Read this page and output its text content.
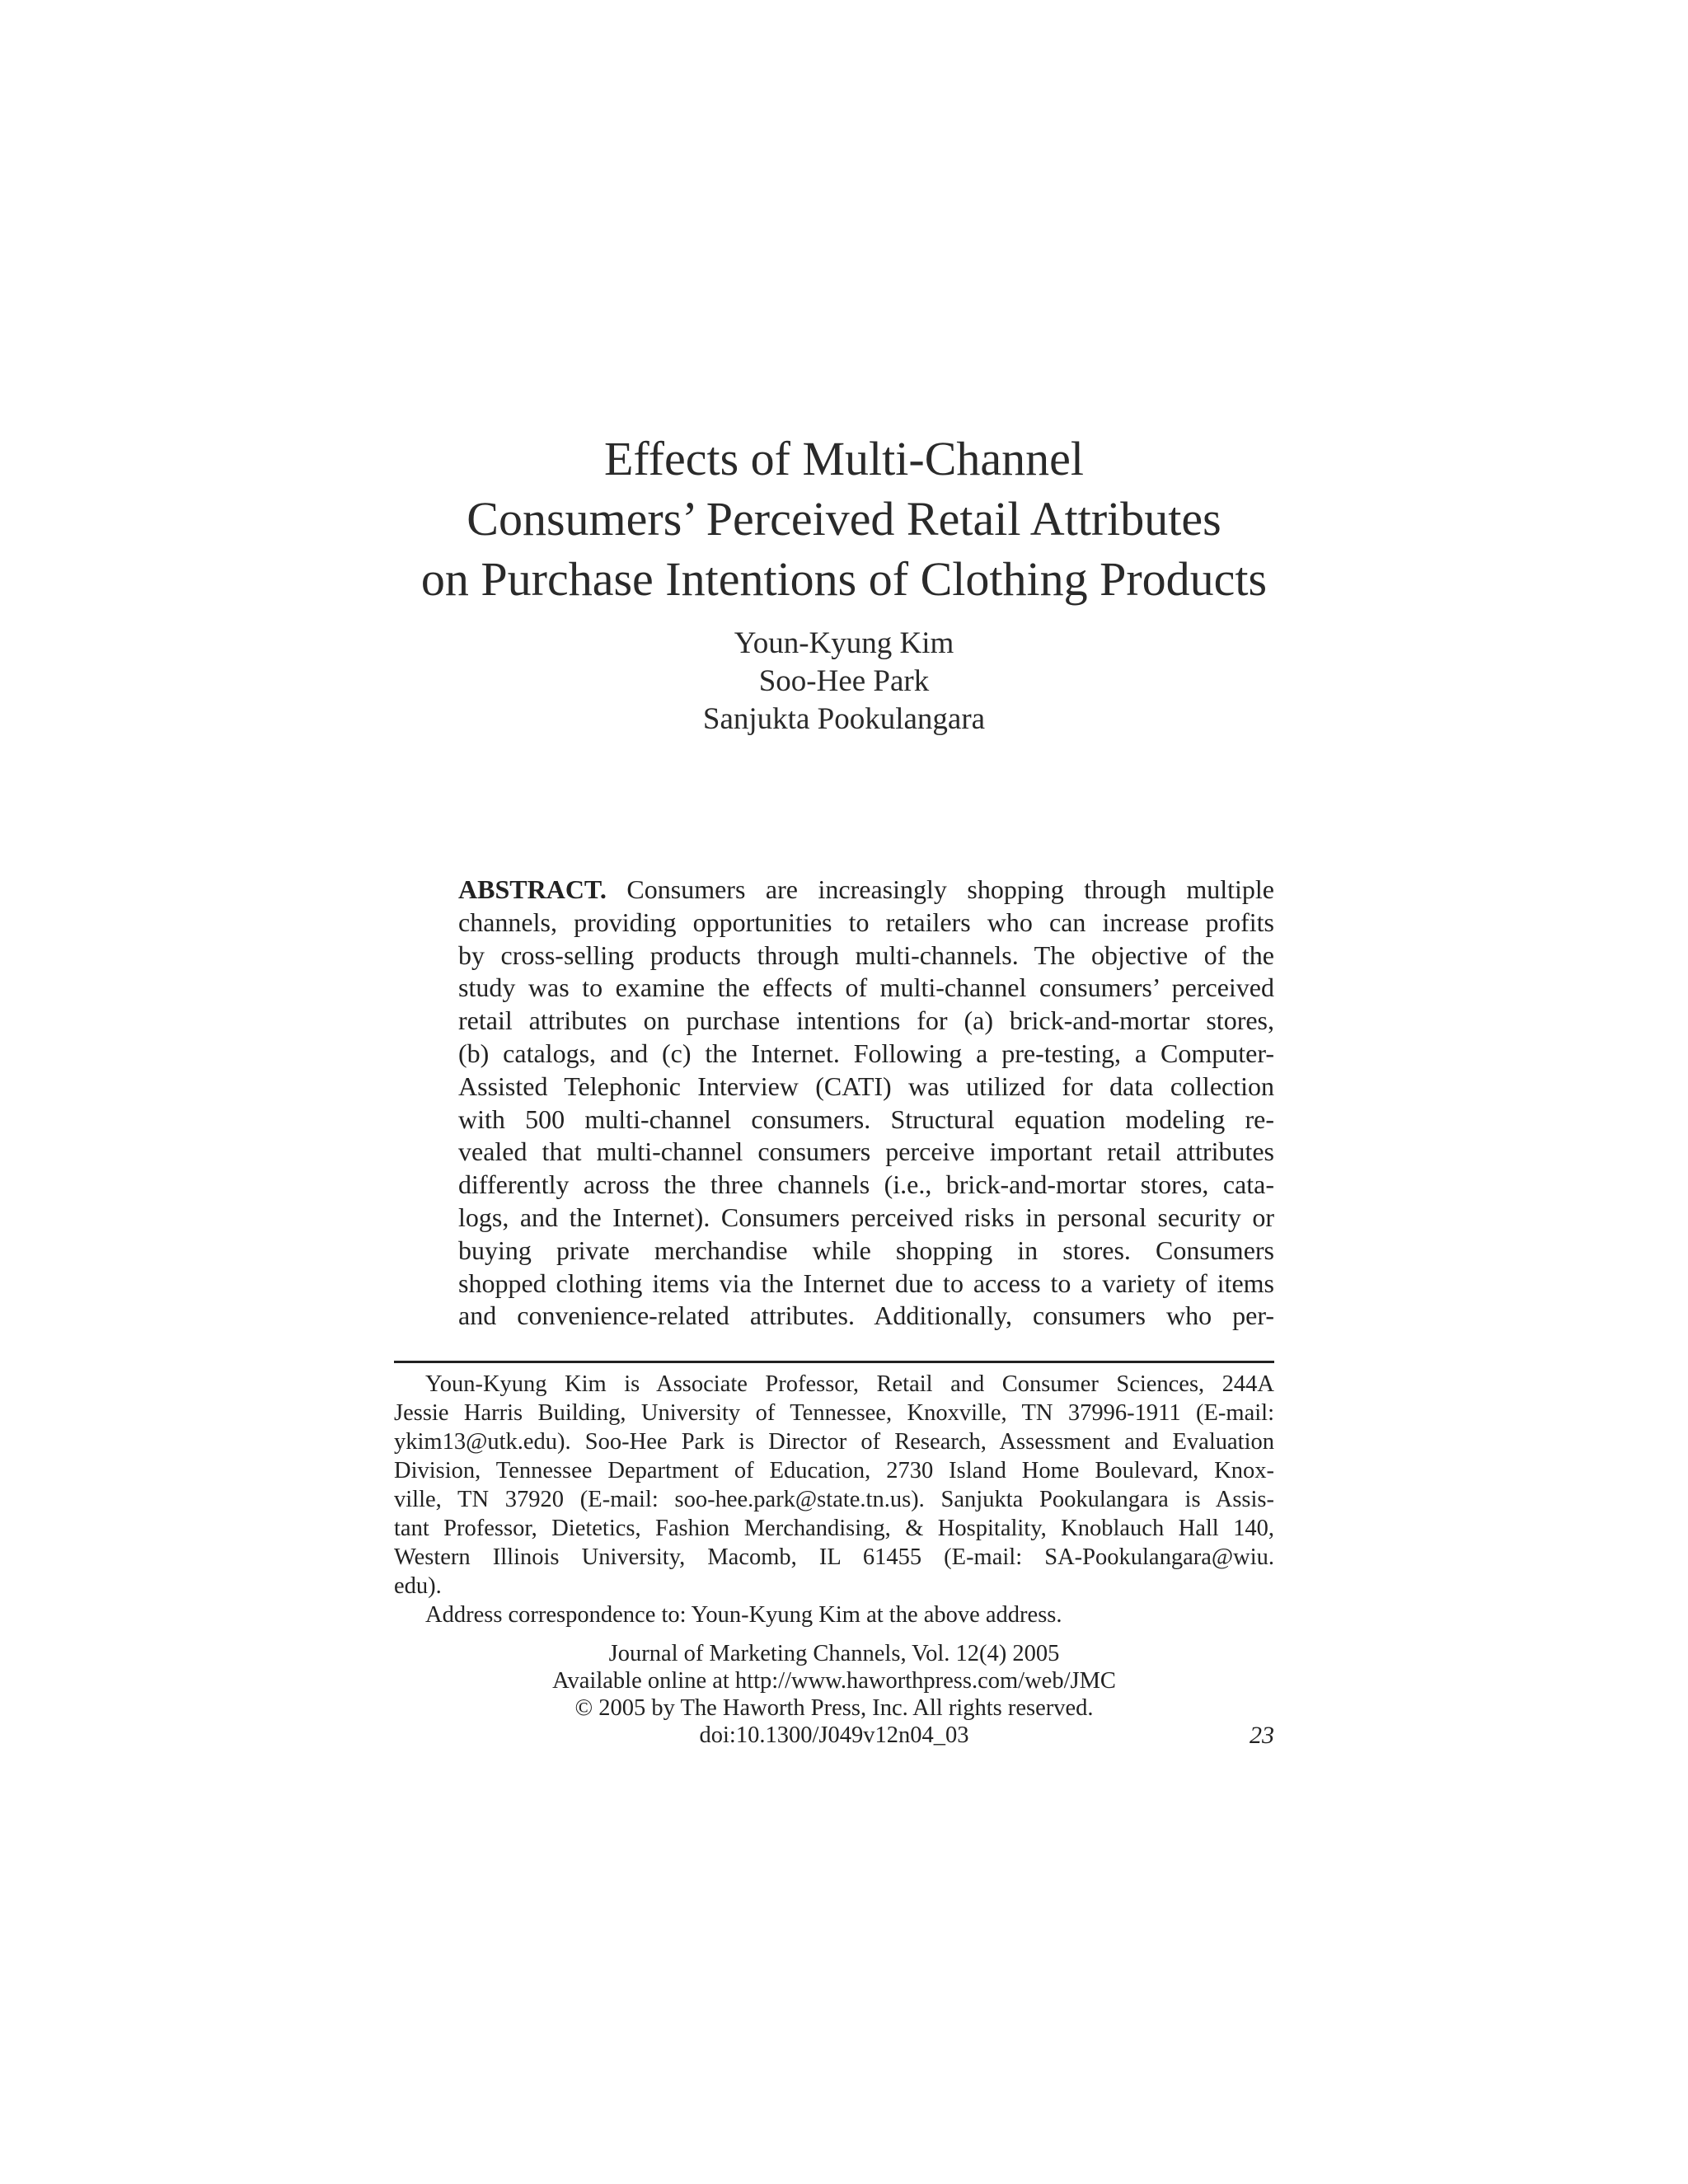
Effects of Multi-Channel
Consumers’ Perceived Retail Attributes
on Purchase Intentions of Clothing Products
Youn-Kyung Kim
Soo-Hee Park
Sanjukta Pookulangara
ABSTRACT. Consumers are increasingly shopping through multiple
channels, providing opportunities to retailers who can increase profits
by cross-selling products through multi-channels. The objective of the
study was to examine the effects of multi-channel consumers’ perceived
retail attributes on purchase intentions for (a) brick-and-mortar stores,
(b) catalogs, and (c) the Internet. Following a pre-testing, a Computer-
Assisted Telephonic Interview (CATI) was utilized for data collection
with 500 multi-channel consumers. Structural equation modeling re-
vealed that multi-channel consumers perceive important retail attributes
differently across the three channels (i.e., brick-and-mortar stores, cata-
logs, and the Internet). Consumers perceived risks in personal security or
buying private merchandise while shopping in stores. Consumers
shopped clothing items via the Internet due to access to a variety of items
and convenience-related attributes. Additionally, consumers who per-
Youn-Kyung Kim is Associate Professor, Retail and Consumer Sciences, 244A
Jessie Harris Building, University of Tennessee, Knoxville, TN 37996-1911 (E-mail:
ykim13@utk.edu). Soo-Hee Park is Director of Research, Assessment and Evaluation
Division, Tennessee Department of Education, 2730 Island Home Boulevard, Knox-
ville, TN 37920 (E-mail: soo-hee.park@state.tn.us). Sanjukta Pookulangara is Assis-
tant Professor, Dietetics, Fashion Merchandising, & Hospitality, Knoblauch Hall 140,
Western Illinois University, Macomb, IL 61455 (E-mail: SA-Pookulangara@wiu.
edu).
Address correspondence to: Youn-Kyung Kim at the above address.
Journal of Marketing Channels, Vol. 12(4) 2005
Available online at http://www.haworthpress.com/web/JMC
© 2005 by The Haworth Press, Inc. All rights reserved.
doi:10.1300/J049v12n04_03	23
